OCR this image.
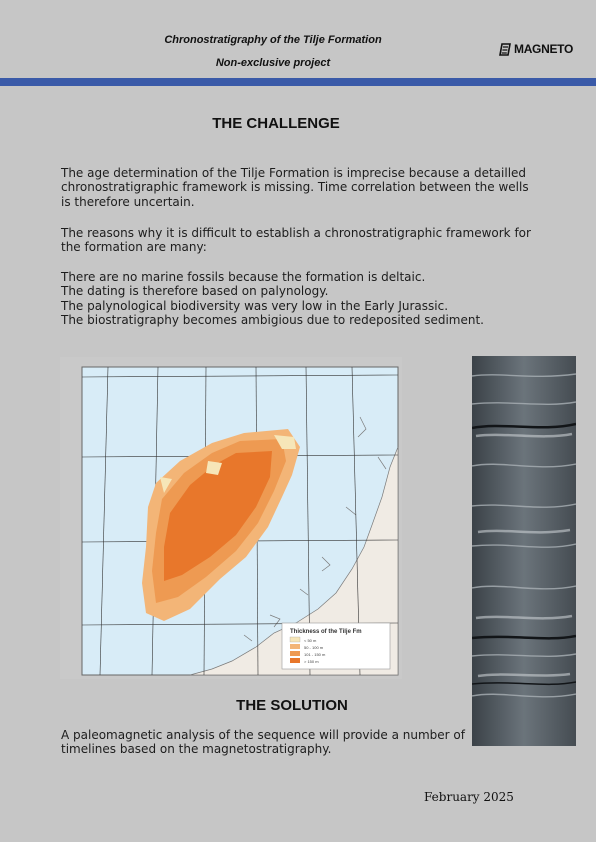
Chronostratigraphy of the Tilje Formation
Non-exclusive project
MAGNETO
THE CHALLENGE

The age determination of the Tilje Formation is imprecise because a detailled chronostratigraphic framework is missing. Time correlation between the wells is therefore uncertain.

The reasons why it is difficult to establish a chronostratigraphic framework for the formation are many:

There are no marine fossils because the formation is deltaic.
The dating is therefore based on palynology.
The palynological biodiversity was very low in the Early Jurassic.
The biostratigraphy becomes ambigious due to redeposited sediment.
Thickness of the Tilje Fm
< 50 m
50 - 100 m
101 - 150 m
> 150 m
THE SOLUTION

A paleomagnetic analysis of the sequence will provide a number of timelines based on the magnetostratigraphy.

February 2025
